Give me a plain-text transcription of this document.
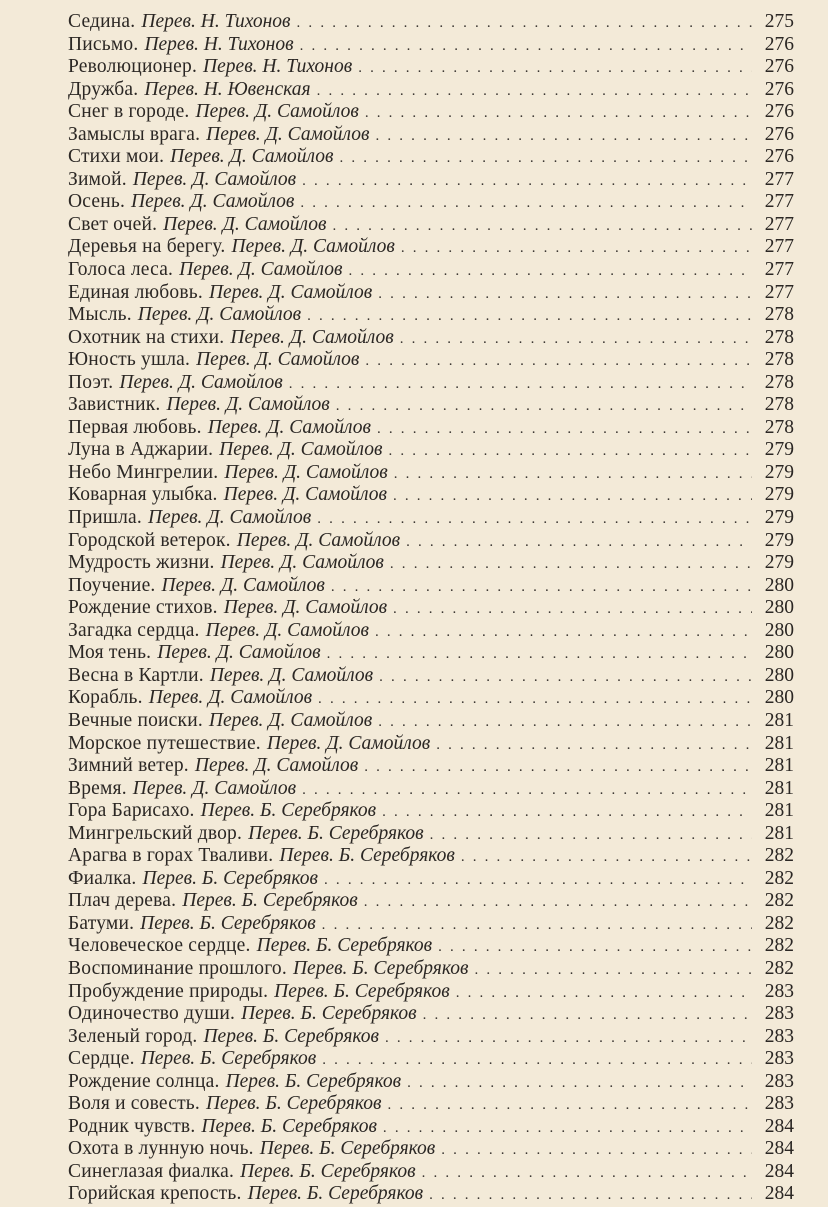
Седина. Перев. Н. Тихонов . . .	275
Письмо. Перев. Н. Тихонов . . .	276
Революционер. Перев. Н. Тихонов . . .	276
Дружба. Перев. Н. Ювенская . . .	276
Снег в городе. Перев. Д. Самойлов . . .	276
Замыслы врага. Перев. Д. Самойлов . . .	276
Стихи мои. Перев. Д. Самойлов . . .	276
Зимой. Перев. Д. Самойлов . . .	277
Осень. Перев. Д. Самойлов . . .	277
Свет очей. Перев. Д. Самойлов . . .	277
Деревья на берегу. Перев. Д. Самойлов . . .	277
Голоса леса. Перев. Д. Самойлов . . .	277
Единая любовь. Перев. Д. Самойлов . . .	277
Мысль. Перев. Д. Самойлов . . .	278
Охотник на стихи. Перев. Д. Самойлов . . .	278
Юность ушла. Перев. Д. Самойлов . . .	278
Поэт. Перев. Д. Самойлов . . .	278
Завистник. Перев. Д. Самойлов . . .	278
Первая любовь. Перев. Д. Самойлов . . .	278
Луна в Аджарии. Перев. Д. Самойлов . . .	279
Небо Мингрелии. Перев. Д. Самойлов . . .	279
Коварная улыбка. Перев. Д. Самойлов . . .	279
Пришла. Перев. Д. Самойлов . . .	279
Городской ветерок. Перев. Д. Самойлов . . .	279
Мудрость жизни. Перев. Д. Самойлов . . .	279
Поучение. Перев. Д. Самойлов . . .	280
Рождение стихов. Перев. Д. Самойлов . . .	280
Загадка сердца. Перев. Д. Самойлов . . .	280
Моя тень. Перев. Д. Самойлов . . .	280
Весна в Картли. Перев. Д. Самойлов . . .	280
Корабль. Перев. Д. Самойлов . . .	280
Вечные поиски. Перев. Д. Самойлов . . .	281
Морское путешествие. Перев. Д. Самойлов . . .	281
Зимний ветер. Перев. Д. Самойлов . . .	281
Время. Перев. Д. Самойлов . . .	281
Гора Барисахо. Перев. Б. Серебряков . . .	281
Мингрельский двор. Перев. Б. Серебряков . . .	281
Арагва в горах Тваливи. Перев. Б. Серебряков . . .	282
Фиалка. Перев. Б. Серебряков . . .	282
Плач дерева. Перев. Б. Серебряков . . .	282
Батуми. Перев. Б. Серебряков . . .	282
Человеческое сердце. Перев. Б. Серебряков . . .	282
Воспоминание прошлого. Перев. Б. Серебряков . . .	282
Пробуждение природы. Перев. Б. Серебряков . . .	283
Одиночество души. Перев. Б. Серебряков . . .	283
Зеленый город. Перев. Б. Серебряков . . .	283
Сердце. Перев. Б. Серебряков . . .	283
Рождение солнца. Перев. Б. Серебряков . . .	283
Воля и совесть. Перев. Б. Серебряков . . .	283
Родник чувств. Перев. Б. Серебряков . . .	284
Охота в лунную ночь. Перев. Б. Серебряков . . .	284
Синеглазая фиалка. Перев. Б. Серебряков . . .	284
Горийская крепость. Перев. Б. Серебряков . . .	284
